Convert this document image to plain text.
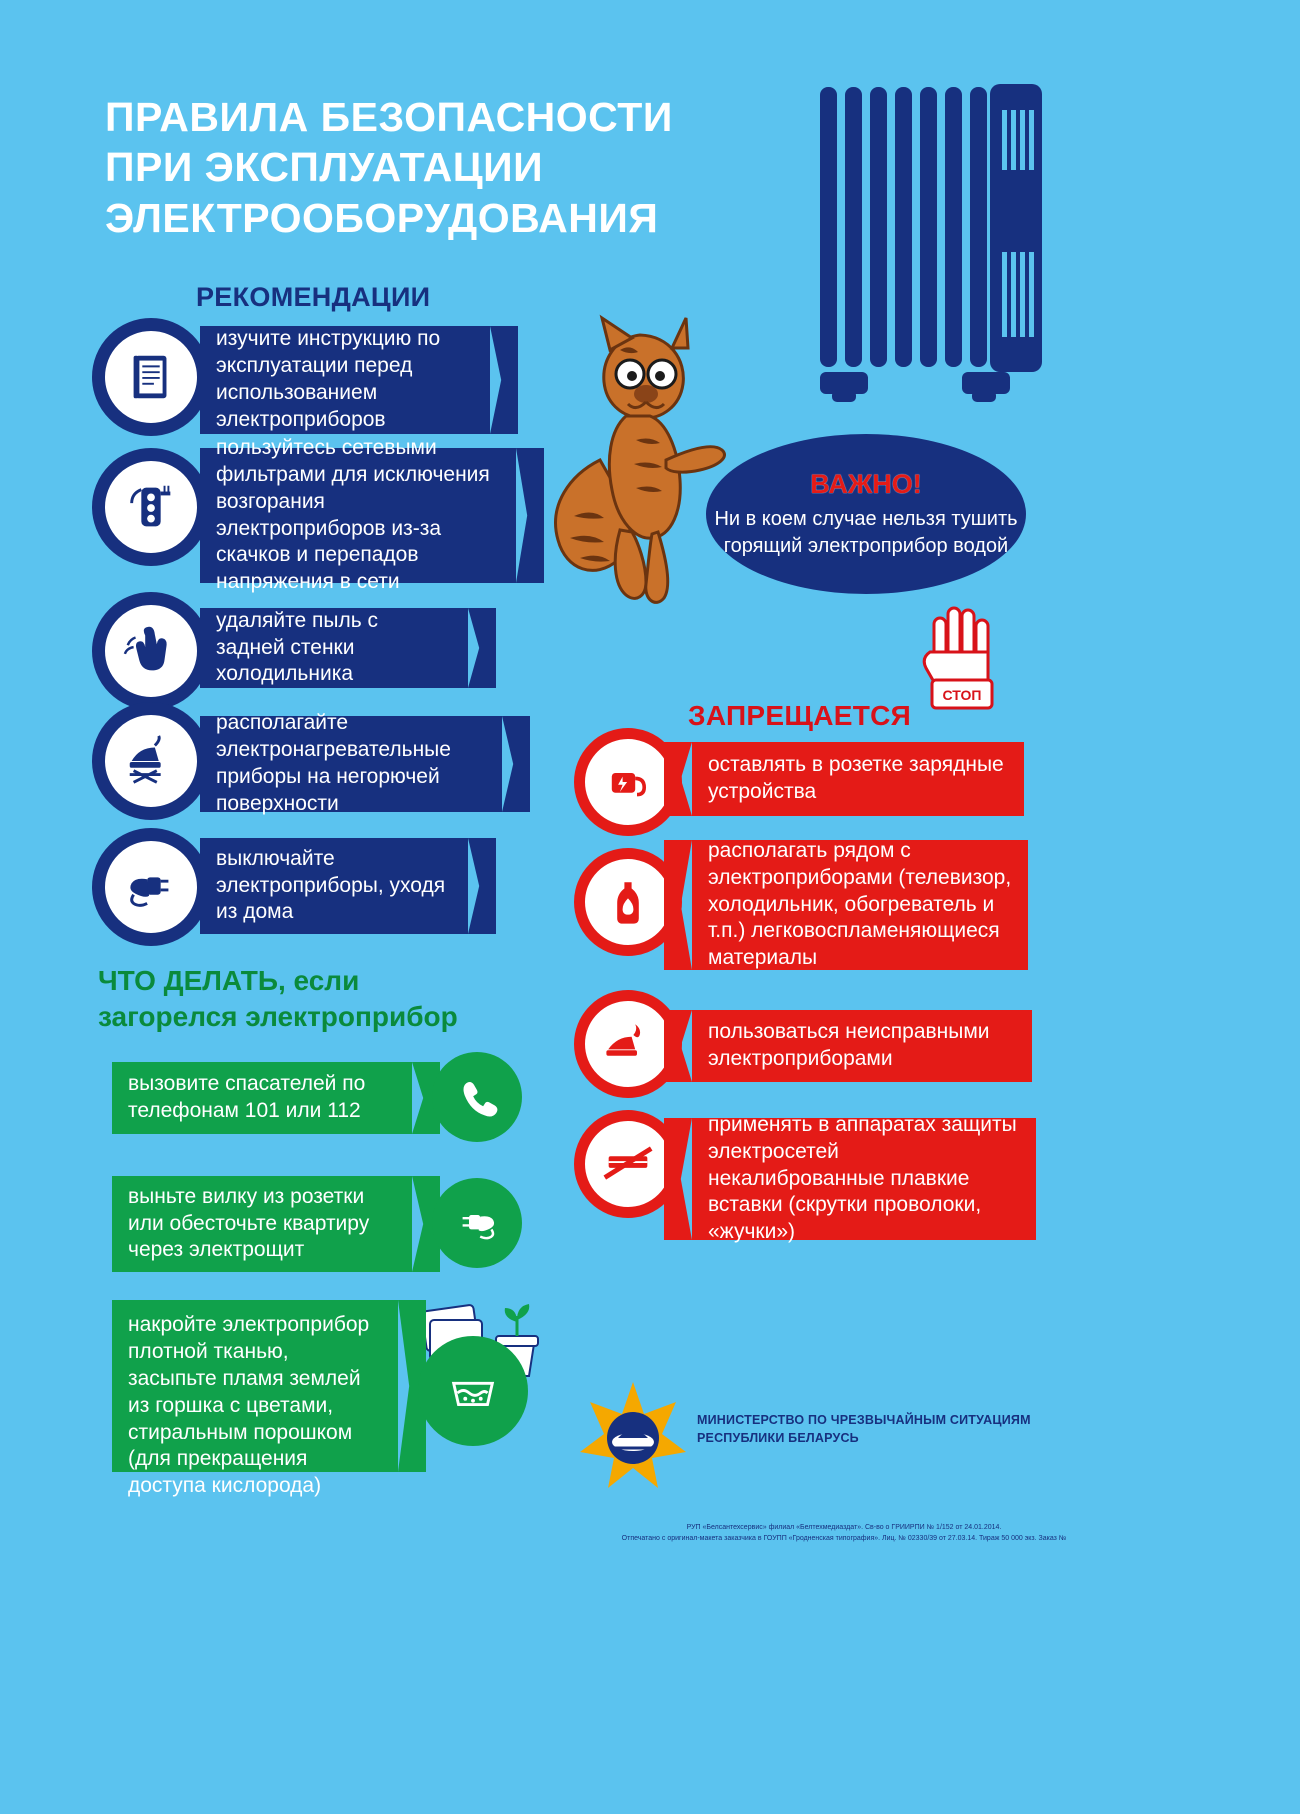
ПРАВИЛА БЕЗОПАСНОСТИ
ПРИ ЭКСПЛУАТАЦИИ
ЭЛЕКТРООБОРУДОВАНИЯ
ВАЖНО!
Ни в коем случае нельзя тушить горящий электроприбор водой
РЕКОМЕНДАЦИИ
ЗАПРЕЩАЕТСЯ
ЧТО ДЕЛАТЬ, если
загорелся электроприбор
СТОП
изучите инструкцию по эксплуатации перед использованием электроприборов
пользуйтесь сетевыми фильтрами для исключения возгорания электроприборов из-за скачков и перепадов напряжения в сети
удаляйте пыль с задней стенки холодильника
располагайте электронагревательные приборы на негорючей поверхности
выключайте электроприборы, уходя из дома
оставлять в розетке зарядные устройства
располагать рядом с электроприборами (телевизор, холодильник, обогреватель и т.п.) легковоспламеняющиеся материалы
пользоваться неисправными электроприборами
применять в аппаратах защиты электросетей некалиброванные плавкие вставки (скрутки проволоки, «жучки»)
вызовите спасателей по телефонам 101 или 112
выньте вилку из розетки или обесточьте квартиру через электрощит
накройте электроприбор плотной тканью, засыпьте пламя землей из горшка с цветами, стиральным порошком (для прекращения доступа кислорода)
МИНИСТЕРСТВО ПО ЧРЕЗВЫЧАЙНЫМ СИТУАЦИЯМ
РЕСПУБЛИКИ БЕЛАРУСЬ
РУП «Белсантехсервис» филиал «Белтехмедиаздат». Св-во о ГРИИРПИ № 1/152 от 24.01.2014.
Отпечатано с оригинал-макета заказчика в ГОУПП «Гродненская типография». Лиц. № 02330/39 от 27.03.14. Тираж 50 000 экз. Заказ №
